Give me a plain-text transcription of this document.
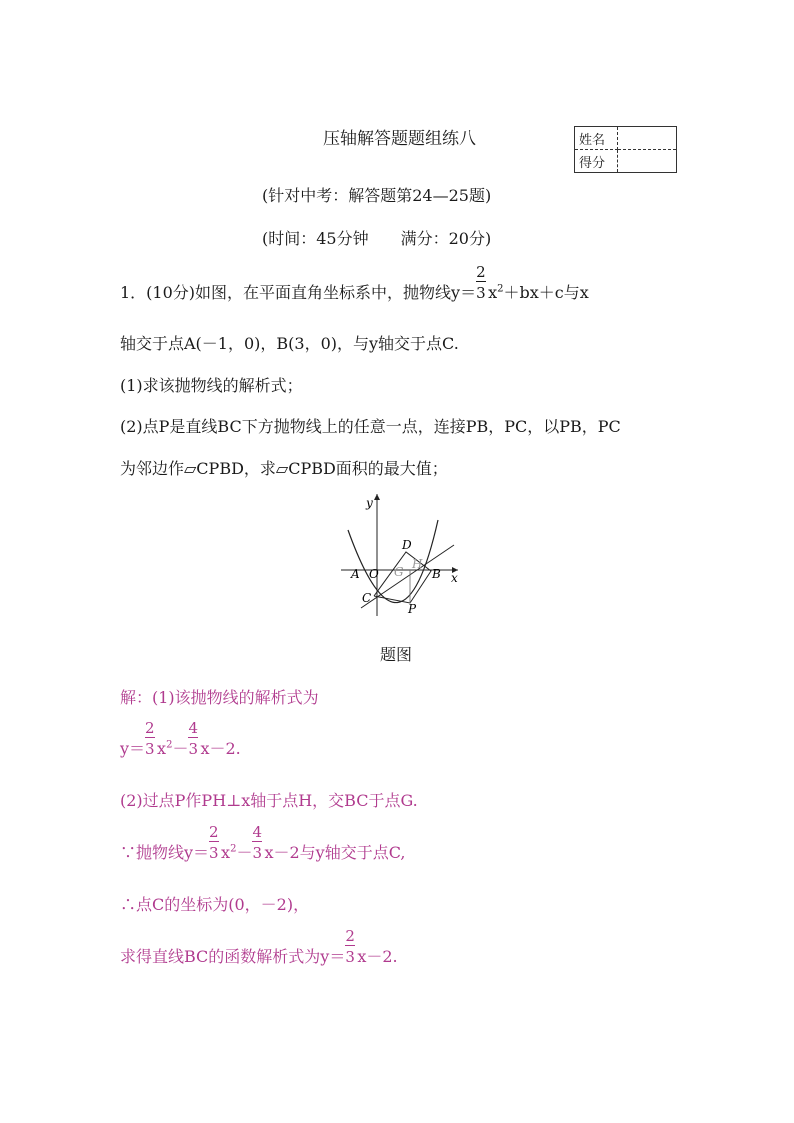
压轴解答题题组练八	姓名	
得分	
(针对中考：解答题第24—25题)
(时间：45分钟　　满分：20分)
1．(10分)如图，在平面直角坐标系中，抛物线$y= \frac{2}{3} x^2+bx+c$与x
轴交于点A(－1，0)，B(3，0)，与y轴交于点C.
(1)求该抛物线的解析式；
(2)点P是直线BC下方抛物线上的任意一点，连接PB，PC，以PB，PC
为邻边作▱CPBD，求▱CPBD面积的最大值；
y
x
A O	B
C
D
P
G
H
题图
解：(1)该抛物线的解析式为
$y= \frac{2}{3} x^2- \frac{4}{3} x-2$.
(2)过点P作PH⊥x轴于点H，交BC于点G.
∵抛物线$y= \frac{2}{3} x^2- \frac{4}{3} x-2$与y轴交于点C,
∴点C的坐标为(0，－2)，
求得直线BC的函数解析式为$y= \frac{2}{3} x-2$.
